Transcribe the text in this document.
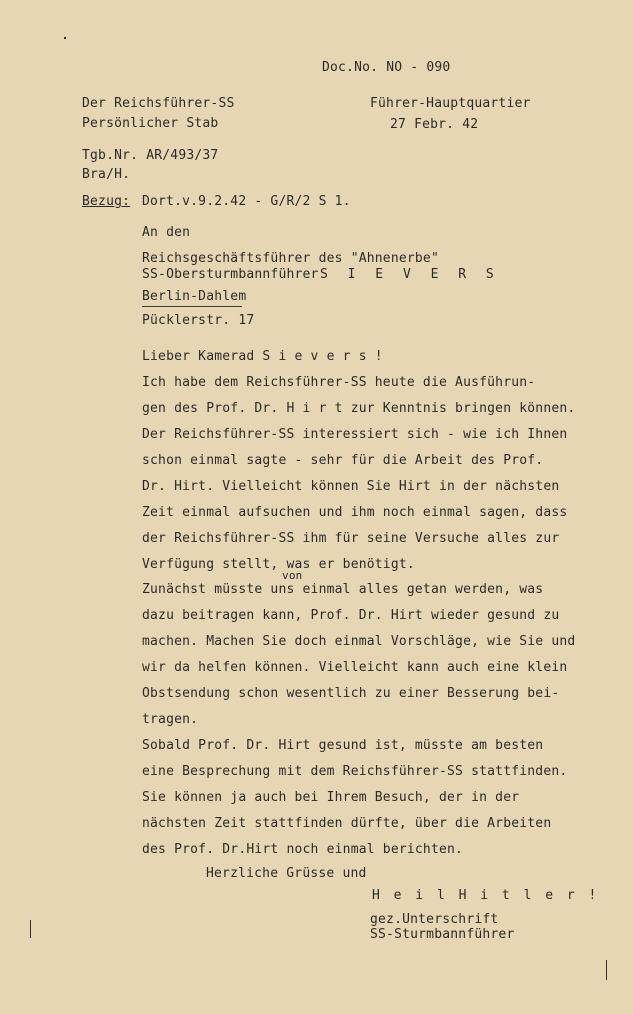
Doc.No. NO - 090
Der Reichsführer-SS
Persönlicher Stab
Führer-Hauptquartier
27 Febr. 42
Tgb.Nr. AR/493/37
Bra/H.
Bezug: Dort.v.9.2.42 - G/R/2 S 1.
An den
Reichsgeschäftsführer des "Ahnenerbe"
SS-Obersturmbannführer S I E V E R S
Berlin-Dahlem
Pücklerstr. 17
Lieber Kamerad S i e v e r s !
Ich habe dem Reichsführer-SS heute die Ausführun-
gen des Prof. Dr. H i r t zur Kenntnis bringen können.
Der Reichsführer-SS interessiert sich - wie ich Ihnen
schon einmal sagte - sehr für die Arbeit des Prof.
Dr. Hirt. Vielleicht können Sie Hirt in der nächsten
Zeit einmal aufsuchen und ihm noch einmal sagen, dass
der Reichsführer-SS ihm für seine Versuche alles zur
Verfügung stellt, was er benötigt.
von
Zunächst müsste uns einmal alles getan werden, was
dazu beitragen kann, Prof. Dr. Hirt wieder gesund zu
machen. Machen Sie doch einmal Vorschläge, wie Sie und
wir da helfen können. Vielleicht kann auch eine klein
Obstsendung schon wesentlich zu einer Besserung bei-
tragen.
Sobald Prof. Dr. Hirt gesund ist, müsste am besten
eine Besprechung mit dem Reichsführer-SS stattfinden.
Sie können ja auch bei Ihrem Besuch, der in der
nächsten Zeit stattfinden dürfte, über die Arbeiten
des Prof. Dr.Hirt noch einmal berichten.
Herzliche Grüsse und
H e i l H i t l e r !
gez.Unterschrift
SS-Sturmbannführer
